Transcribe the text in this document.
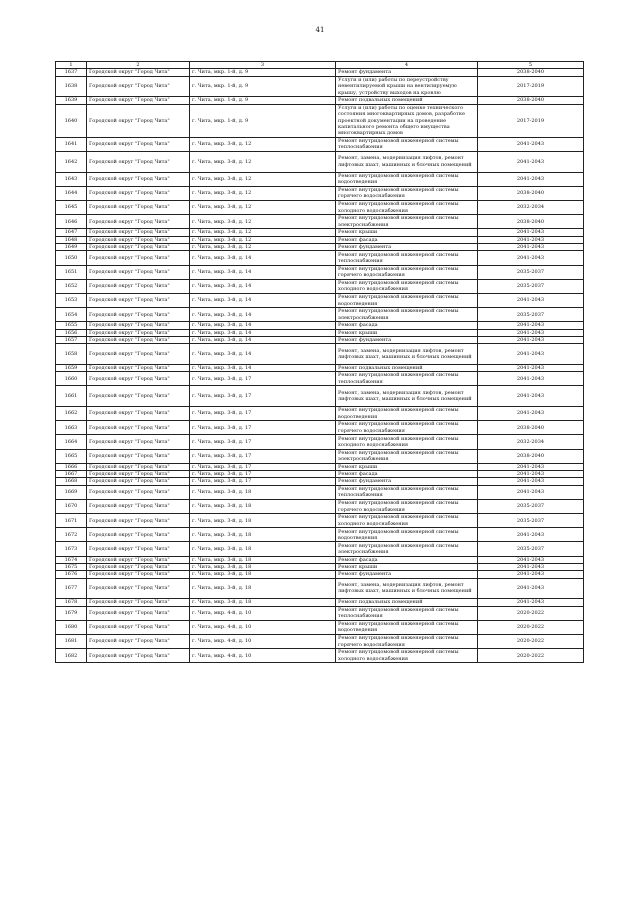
41
1	2	3	4	5
1637	Городской округ "Город Чита"	г. Чита, мкр. 1-й, д. 9	Ремонт фундамента	2038-2040
1638	Городской округ "Город Чита"	г. Чита, мкр. 1-й, д. 9	Услуги и (или) работы по переустройству невентилируемой крыши на вентилируемую крышу, устройству выходов на кровлю	2017-2019
1639	Городской округ "Город Чита"	г. Чита, мкр. 1-й, д. 9	Ремонт подвальных помещений	2038-2040
1640	Городской округ "Город Чита"	г. Чита, мкр. 1-й, д. 9	Услуги и (или) работы по оценке технического состояния многоквартирных домов, разработке проектной документации на проведение капитального ремонта общего имущества многоквартирных домов	2017-2019
1641	Городской округ "Город Чита"	г. Чита, мкр. 3-й, д. 12	Ремонт внутридомовой инженерной системы теплоснабжения	2041-2043
1642	Городской округ "Город Чита"	г. Чита, мкр. 3-й, д. 12	Ремонт, замена, модернизация лифтов, ремонт лифтовых шахт, машинных и блочных помещений	2041-2043
1643	Городской округ "Город Чита"	г. Чита, мкр. 3-й, д. 12	Ремонт внутридомовой инженерной системы водоотведения	2041-2043
1644	Городской округ "Город Чита"	г. Чита, мкр. 3-й, д. 12	Ремонт внутридомовой инженерной системы горячего водоснабжения	2038-2040
1645	Городской округ "Город Чита"	г. Чита, мкр. 3-й, д. 12	Ремонт внутридомовой инженерной системы холодного водоснабжения	2032-2034
1646	Городской округ "Город Чита"	г. Чита, мкр. 3-й, д. 12	Ремонт внутридомовой инженерной системы электроснабжения	2038-2040
1647	Городской округ "Город Чита"	г. Чита, мкр. 3-й, д. 12	Ремонт крыши	2041-2043
1648	Городской округ "Город Чита"	г. Чита, мкр. 3-й, д. 12	Ремонт фасада	2041-2043
1649	Городской округ "Город Чита"	г. Чита, мкр. 3-й, д. 12	Ремонт фундамента	2041-2043
1650	Городской округ "Город Чита"	г. Чита, мкр. 3-й, д. 14	Ремонт внутридомовой инженерной системы теплоснабжения	2041-2043
1651	Городской округ "Город Чита"	г. Чита, мкр. 3-й, д. 14	Ремонт внутридомовой инженерной системы горячего водоснабжения	2035-2037
1652	Городской округ "Город Чита"	г. Чита, мкр. 3-й, д. 14	Ремонт внутридомовой инженерной системы холодного водоснабжения	2035-2037
1653	Городской округ "Город Чита"	г. Чита, мкр. 3-й, д. 14	Ремонт внутридомовой инженерной системы водоотведения	2041-2043
1654	Городской округ "Город Чита"	г. Чита, мкр. 3-й, д. 14	Ремонт внутридомовой инженерной системы электроснабжения	2035-2037
1655	Городской округ "Город Чита"	г. Чита, мкр. 3-й, д. 14	Ремонт фасада	2041-2043
1656	Городской округ "Город Чита"	г. Чита, мкр. 3-й, д. 14	Ремонт крыши	2041-2043
1657	Городской округ "Город Чита"	г. Чита, мкр. 3-й, д. 14	Ремонт фундамента	2041-2043
1658	Городской округ "Город Чита"	г. Чита, мкр. 3-й, д. 14	Ремонт, замена, модернизация лифтов, ремонт лифтовых шахт, машинных и блочных помещений	2041-2043
1659	Городской округ "Город Чита"	г. Чита, мкр. 3-й, д. 14	Ремонт подвальных помещений	2041-2043
1660	Городской округ "Город Чита"	г. Чита, мкр. 3-й, д. 17	Ремонт внутридомовой инженерной системы теплоснабжения	2041-2043
1661	Городской округ "Город Чита"	г. Чита, мкр. 3-й, д. 17	Ремонт, замена, модернизация лифтов, ремонт лифтовых шахт, машинных и блочных помещений	2041-2043
1662	Городской округ "Город Чита"	г. Чита, мкр. 3-й, д. 17	Ремонт внутридомовой инженерной системы водоотведения	2041-2043
1663	Городской округ "Город Чита"	г. Чита, мкр. 3-й, д. 17	Ремонт внутридомовой инженерной системы горячего водоснабжения	2038-2040
1664	Городской округ "Город Чита"	г. Чита, мкр. 3-й, д. 17	Ремонт внутридомовой инженерной системы холодного водоснабжения	2032-2034
1665	Городской округ "Город Чита"	г. Чита, мкр. 3-й, д. 17	Ремонт внутридомовой инженерной системы электроснабжения	2038-2040
1666	Городской округ "Город Чита"	г. Чита, мкр. 3-й, д. 17	Ремонт крыши	2041-2043
1667	Городской округ "Город Чита"	г. Чита, мкр. 3-й, д. 17	Ремонт фасада	2041-2043
1668	Городской округ "Город Чита"	г. Чита, мкр. 3-й, д. 17	Ремонт фундамента	2041-2043
1669	Городской округ "Город Чита"	г. Чита, мкр. 3-й, д. 18	Ремонт внутридомовой инженерной системы теплоснабжения	2041-2043
1670	Городской округ "Город Чита"	г. Чита, мкр. 3-й, д. 18	Ремонт внутридомовой инженерной системы горячего водоснабжения	2035-2037
1671	Городской округ "Город Чита"	г. Чита, мкр. 3-й, д. 18	Ремонт внутридомовой инженерной системы холодного водоснабжения	2035-2037
1672	Городской округ "Город Чита"	г. Чита, мкр. 3-й, д. 18	Ремонт внутридомовой инженерной системы водоотведения	2041-2043
1673	Городской округ "Город Чита"	г. Чита, мкр. 3-й, д. 18	Ремонт внутридомовой инженерной системы электроснабжения	2035-2037
1674	Городской округ "Город Чита"	г. Чита, мкр. 3-й, д. 18	Ремонт фасада	2041-2043
1675	Городской округ "Город Чита"	г. Чита, мкр. 3-й, д. 18	Ремонт крыши	2041-2043
1676	Городской округ "Город Чита"	г. Чита, мкр. 3-й, д. 18	Ремонт фундамента	2041-2043
1677	Городской округ "Город Чита"	г. Чита, мкр. 3-й, д. 18	Ремонт, замена, модернизация лифтов, ремонт лифтовых шахт, машинных и блочных помещений	2041-2043
1678	Городской округ "Город Чита"	г. Чита, мкр. 3-й, д. 18	Ремонт подвальных помещений	2041-2043
1679	Городской округ "Город Чита"	г. Чита, мкр. 4-й, д. 10	Ремонт внутридомовой инженерной системы теплоснабжения	2020-2022
1680	Городской округ "Город Чита"	г. Чита, мкр. 4-й, д. 10	Ремонт внутридомовой инженерной системы водоотведения	2020-2022
1681	Городской округ "Город Чита"	г. Чита, мкр. 4-й, д. 10	Ремонт внутридомовой инженерной системы горячего водоснабжения	2020-2022
1682	Городской округ "Город Чита"	г. Чита, мкр. 4-й, д. 10	Ремонт внутридомовой инженерной системы холодного водоснабжения	2020-2022
